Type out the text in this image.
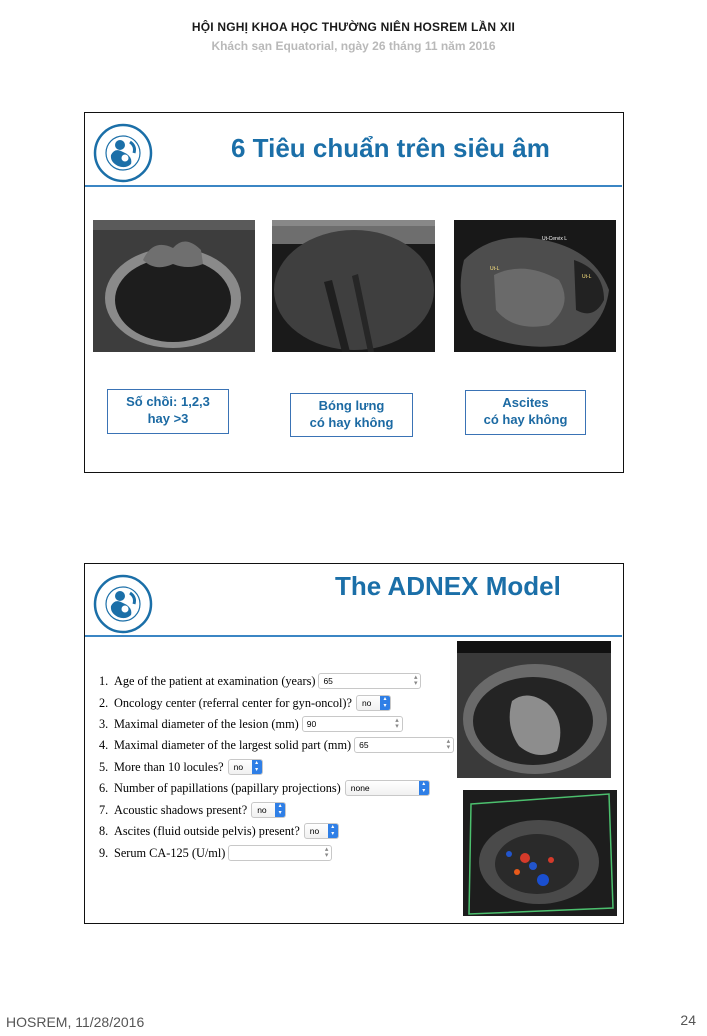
HỘI NGHỊ KHOA HỌC THƯỜNG NIÊN HOSREM LẦN XII
Khách sạn Equatorial, ngày 26 tháng 11 năm 2016
6 Tiêu chuẩn trên siêu âm
Ut-Cervix L
Ut-L
Ut-L
Số chồi: 1,2,3
hay >3
Bóng lưng
có hay không
Ascites
có hay không
The ADNEX Model
1. Age of the patient at examination (years) 65	▴
▾
2. Oncology center (referral center for gyn-oncol)? no	▴
▾
3. Maximal diameter of the lesion (mm) 90	▴
▾
4. Maximal diameter of the largest solid part (mm) 65	▴
▾
5. More than 10 locules? no	▴
▾
6. Number of papillations (papillary projections) none	▴
▾
7. Acoustic shadows present? no	▴
▾
8. Ascites (fluid outside pelvis) present? no	▴
▾
9. Serum CA-125 (U/ml)	▴
▾
HOSREM, 11/28/2016	24
